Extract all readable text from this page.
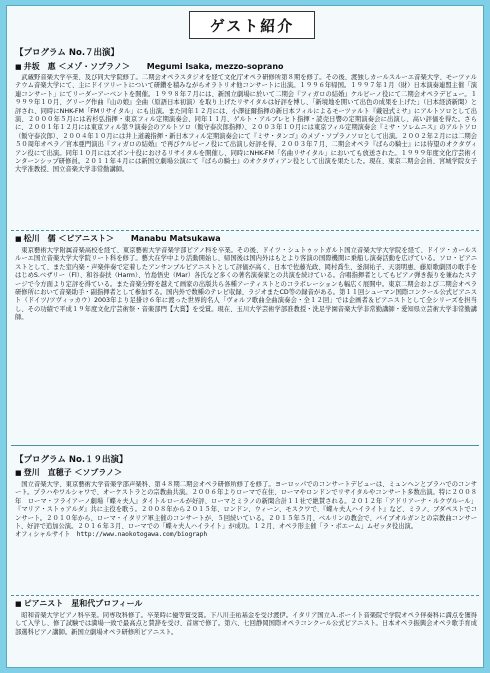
ゲスト紹介
【プログラム No.７出演】
■ 井坂　惠 ＜メゾ・ソプラノ＞ Megumi Isaka, mezzo-soprano
武蔵野音楽大学卒業、及び同大学院修了。二期会オペラスタジオを経て文化庁オペラ研修所第８期を修了。その後、渡独しカールスルーエ音楽大学、モーツァルテウム音楽大学にて、主にドイツリートについて研鑽を積みながらオラトリオ他コンサートに出演。１９９６年帰国。１９９７年１月（財）日本演奏連盟主催「演連コンサート」にてリーダーアーベントを開催。１９９８年７月には、新国立劇場に於いて二期会『フィガロの結婚』ケルビーノ役にて二期会オペラデビュー。１９９９年１０月、グリーグ作曲『山の娘』全曲（原語日本初演）を取り上げたリサイタルは好評を博し、「新境地を開いて出色の成果を上げた」（日本経済新聞）と評され、同時にNHK-FM「FMリサイタル」にも出演。また同年１２月には、小澤征爾指揮の新日本フィルによるモーツァルト『戴冠式ミサ』にアルトソロとして出演、２０００年５月には若杉弘指揮・東京フィル定期演奏会、同年１１月、ゲルト・アルブレヒト指揮・読売日響の定期演奏会に出演し、高い評価を得た。さらに、２００１年１２月には東京フィル第９演奏会のアルトソロ（飯守泰次郎指揮）、２００３年１０月には東京フィル定期演奏会『ミサ・ソレムニス』のアルトソロ（飯守泰次郎）、２００４年１０月には井上道義指揮・新日本フィル定期演奏会にて『ミサ・タンゴ』のメゾ・ソプラノソロとして出演。２００２年２月には二期会５０周年オペラ／宮本亜門演出『フィガロの結婚』で再びケルビーノ役にて出演し好評を得、２００３年７月、二期会オペラ『ばらの騎士』には待望のオクタヴィアン役にて出演。同年１０月にはズボン十役におけるリサイタルを開催し、同時にNHK-FM「名曲リサイタル」においても放送された。１９９９年度文化庁芸術インターンシップ研修員。２０１１年４月には新国立劇場公演にて『ばらの騎士』のオクタヴィアン役として出演を果たした。現在、東京二期会会員、宮城学院女子大学准教授、国立音楽大学非常勤講師。
■ 松川　儒 ＜ピアニスト＞ Manabu Matsukawa
東京藝術大学附属音楽高校を経て、東京藝術大学音楽学部ピアノ科を卒業。その後、ドイツ・シュトゥットガルト国立音楽大学大学院を経て、ドイツ・カールスルーエ国立音楽大学大学院リート科を修了。藝大在学中より活動開始し、帰国後は国内外はもとより客演の国際機関に乗船し演奏活動を広げている。ソロ・ピアニストとして、また室内楽・声楽伴奏で定着したアンサンブルピアニストとして評価が高く、日本で佐藤光政、岡村喬生、釜洞祐子、天羽明惠、藤原歌劇団の歌手をはじめS.ベザリー（Fl）、和谷泰扶（Harm）、竹島悟史（Mar）各氏など多くの著名演奏家との共演を続けている。合唱指揮者としてもピアノ弾き振りを兼ねたステージで今方面より定評を得ている。また音楽分野を越えて画家の出版共ら各種アーティストとのコラボレーションも幅広く展開中。東京二期会および二期会オペラ研修所において音楽助手・副指揮者として参加する。国内外で数種のテレビ収録、ラジオまたCD等の録音がある。第１１回シューマン国際コンクール公式ピアニスト（ドイツ/ツヴィッカウ）2003年より足掛け６年に渡った世界的名人「ヴォルフ歌曲全曲演奏会・全１２回」では企画者＆ピアニストとして全シリーズを担当し、その功績で平成１９年度文化庁芸術祭・音楽部門【大賞】を受賞。現在、玉川大学芸術学部准教授・洗足学園音楽大学非常勤講師・愛知県立芸術大学非常勤講師。
【プログラム No.１９出演】
■ 登川　直穂子 ＜ソプラノ＞
国立音楽大学、東京藝術大学音楽学部声楽科、第４８期二期会オペラ研修所修了を修了。ヨーロッパでのコンサートデビューは、ミュンヘンとプラハでのコンサート。プラハやワルシャワで、オーケストラとの宗教曲共演。２００６年よりローマで在住、ローマやロンドンでリサイタルやコンサート多数出演。特に２００８年　ローマ・フライアーノ劇場『蝶々夫人』タイトルロールが好評、ローマとミラノの新聞合計１１社で絶賛される。２０１２年「アドリアーナ・ルクヴルール」『マリア・ストゥアルダ』共に主役を歌う。２００８年から２０１５年、ロンドン、ウィーン、モスクワで、『蝶々夫人ハイライト』など、ミラノ、ブダペストでコンサート。２０１０年から、ローマ・イタリア軍主催のコンサートが、５回続いている。２０１５年５月、ベルリンの教会で、バイブオルガンとの宗教曲コンサート、好評で追加公演。２０１６年３月、ローマでの「蝶々夫人ハイライト」が成功。１２月、オペラ形主催「ラ・ボエーム」ムゼッタ役出演。
オフィシャルサイト　 http://www.naokotogawa.com/biograph
■ ピアニスト　星和代プロフィール
昭和音楽大学ピアノ科卒業。同専攻科修了。卒業時に優等賞受賞。下八川圭祐基金を受け渡伊。イタリア国立Ａ.ボーイト音楽院で学院オペラ伴奏科に満点を獲得して入学し、修了試験では満場一致で最高点と賛辞を受け、首席で修了。第六、七回静岡国際オペラコンクール公式ピアニスト。日本オペラ振興会オペラ歌手育成部選科ピアノ講師。新国立劇場オペラ研修所ピアニスト。
